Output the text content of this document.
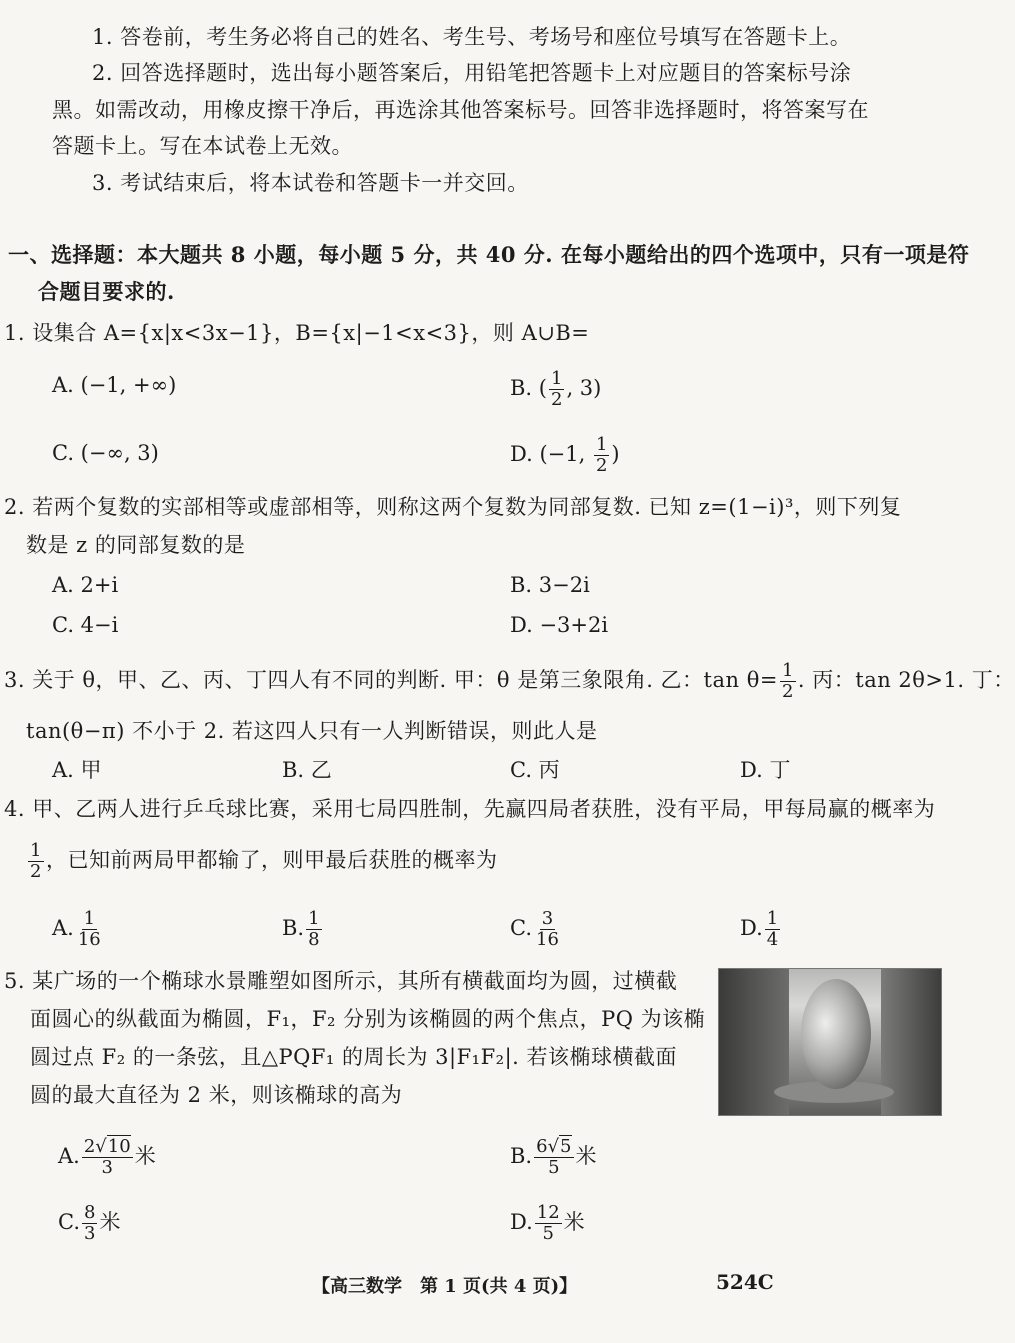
1. 答卷前，考生务必将自己的姓名、考生号、考场号和座位号填写在答题卡上。
2. 回答选择题时，选出每小题答案后，用铅笔把答题卡上对应题目的答案标号涂
黑。如需改动，用橡皮擦干净后，再选涂其他答案标号。回答非选择题时，将答案写在
答题卡上。写在本试卷上无效。
3. 考试结束后，将本试卷和答题卡一并交回。
一、选择题：本大题共 8 小题，每小题 5 分，共 40 分. 在每小题给出的四个选项中，只有一项是符
合题目要求的.
1. 设集合 A={x|x<3x−1}，B={x|−1<x<3}，则 A∪B=
A. (−1, +∞)	B. ( $\frac{1}{2}$ , 3)
C. (−∞, 3)	D. (−1, $\frac{1}{2}$ )
2. 若两个复数的实部相等或虚部相等，则称这两个复数为同部复数. 已知 z=(1−i)³，则下列复
数是 z 的同部复数的是
A. 2+i	B. 3−2i
C. 4−i	D. −3+2i
3. 关于 θ，甲、乙、丙、丁四人有不同的判断. 甲：θ 是第三象限角. 乙：$\tan \theta= \frac{1}{2}$ . 丙：tan 2θ>1. 丁：
tan(θ−π) 不小于 2. 若这四人只有一人判断错误，则此人是
A. 甲	B. 乙	C. 丙	D. 丁
4. 甲、乙两人进行乒乓球比赛，采用七局四胜制，先赢四局者获胜，没有平局，甲每局赢的概率为
$\frac{1}{2}$ ，已知前两局甲都输了，则甲最后获胜的概率为
A. $\frac{1}{16}$	B. $\frac{1}{8}$	C. $\frac{3}{16}$	D. $\frac{1}{4}$
5. 某广场的一个椭球水景雕塑如图所示，其所有横截面均为圆，过横截
面圆心的纵截面为椭圆，F₁，F₂ 分别为该椭圆的两个焦点，PQ 为该椭
圆过点 F₂ 的一条弦，且△PQF₁ 的周长为 3|F₁F₂|. 若该椭球横截面
圆的最大直径为 2 米，则该椭球的高为
A. $\frac{2√10}{3}$ 米	B. $\frac{6√5}{5}$ 米
C. $\frac{8}{3}$ 米	D. $\frac{12}{5}$ 米
【高三数学　第 1 页(共 4 页)】	524C
